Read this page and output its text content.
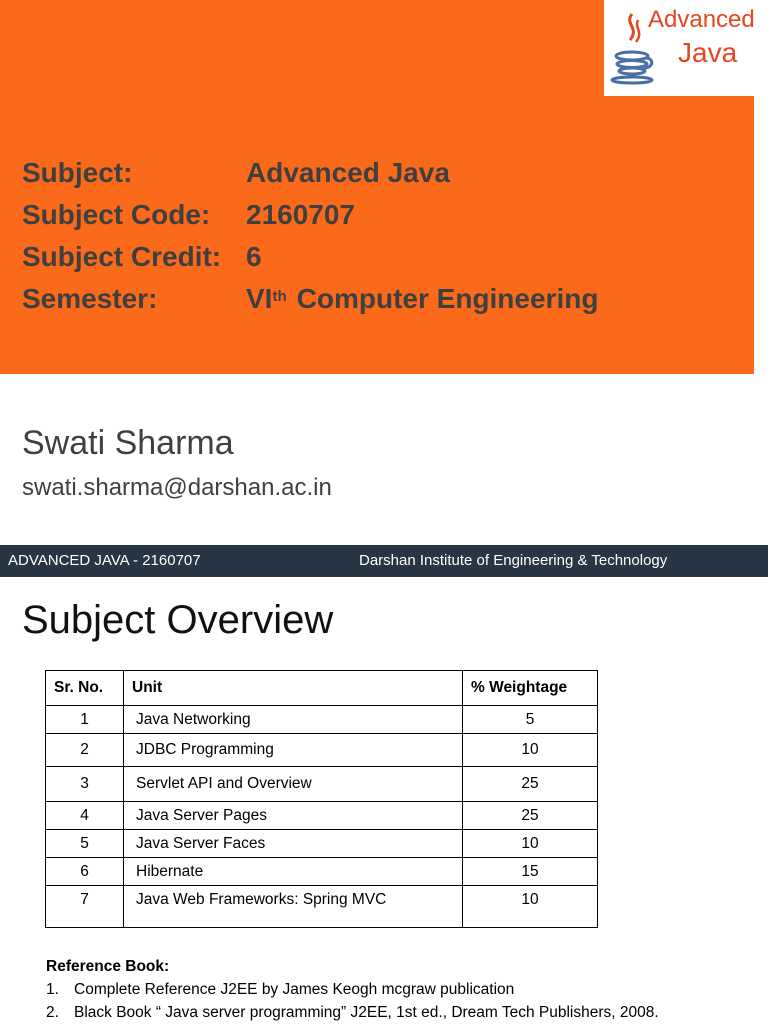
Subject:	Advanced Java
Subject Code:	2160707
Subject Credit: 6
Semester:	VIth Computer Engineering
Advanced
Java
Swati Sharma
swati.sharma@darshan.ac.in
ADVANCED JAVA - 2160707	Darshan Institute of Engineering & Technology
Subject Overview
Sr. No.	Unit	% Weightage
1	Java Networking	5
2	JDBC Programming	10
3	Servlet API and Overview	25
4	Java Server Pages	25
5	Java Server Faces	10
6	Hibernate	15
7	Java Web Frameworks: Spring MVC	10
Reference Book:
1. Complete Reference J2EE by James Keogh mcgraw publication
2. Black Book “ Java server programming” J2EE, 1st ed., Dream Tech Publishers, 2008.
